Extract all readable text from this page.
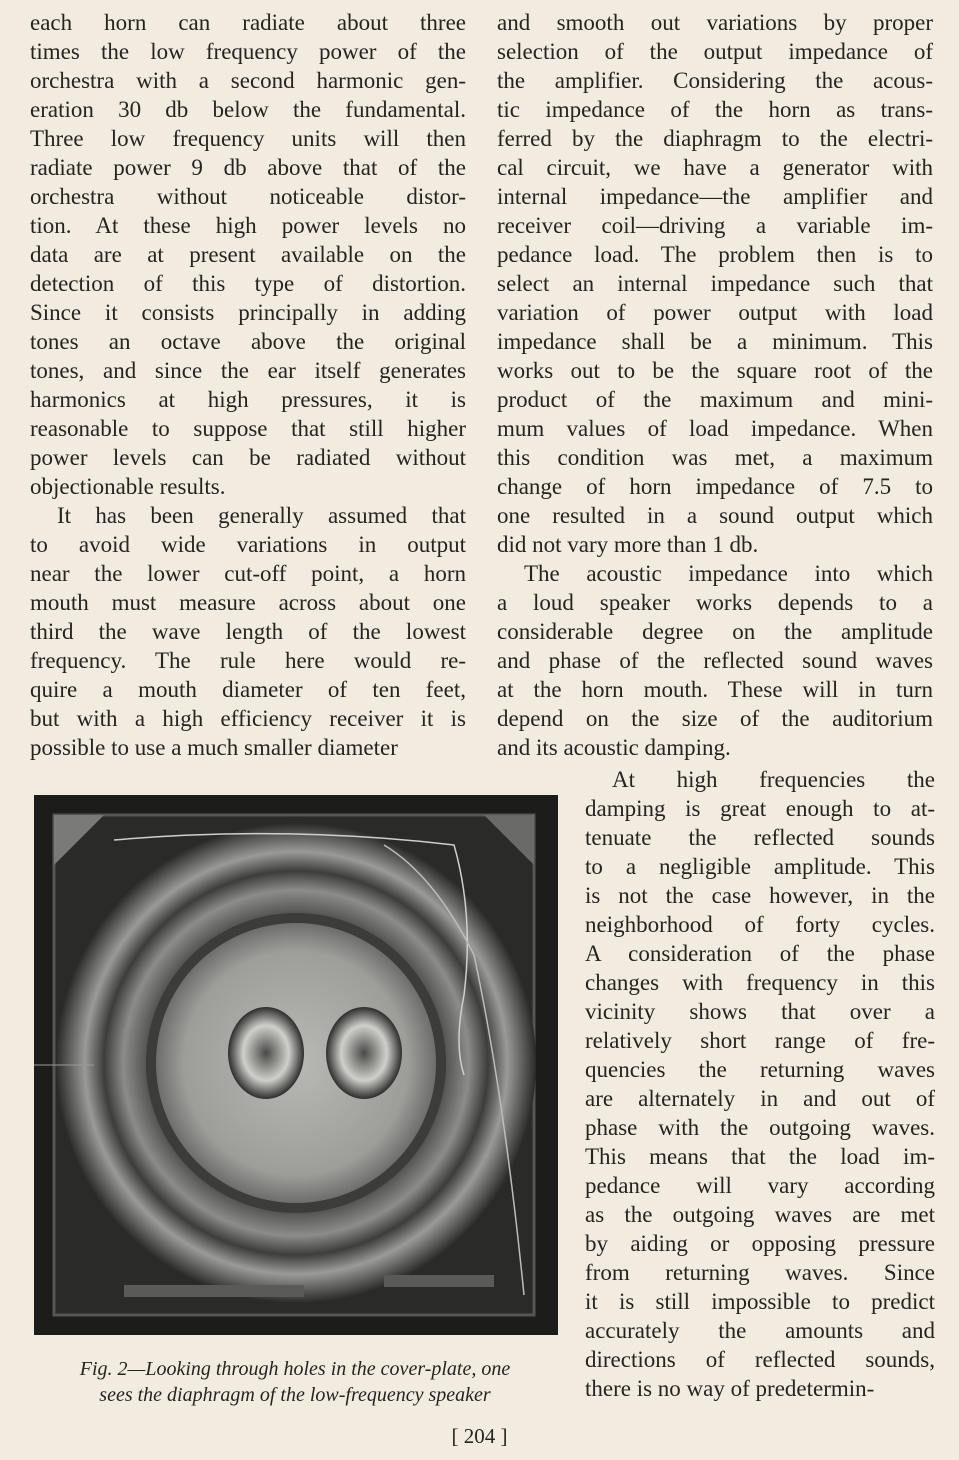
each horn can radiate about three
times the low frequency power of the
orchestra with a second harmonic gen-
eration 30 db below the fundamental.
Three low frequency units will then
radiate power 9 db above that of the
orchestra without noticeable distor-
tion. At these high power levels no
data are at present available on the
detection of this type of distortion.
Since it consists principally in adding
tones an octave above the original
tones, and since the ear itself generates
harmonics at high pressures, it is
reasonable to suppose that still higher
power levels can be radiated without
objectionable results.
It has been generally assumed that
to avoid wide variations in output
near the lower cut-off point, a horn
mouth must measure across about one
third the wave length of the lowest
frequency. The rule here would re-
quire a mouth diameter of ten feet,
but with a high efficiency receiver it is
possible to use a much smaller diameter
and smooth out variations by proper
selection of the output impedance of
the amplifier. Considering the acous-
tic impedance of the horn as trans-
ferred by the diaphragm to the electri-
cal circuit, we have a generator with
internal impedance—the amplifier and
receiver coil—driving a variable im-
pedance load. The problem then is to
select an internal impedance such that
variation of power output with load
impedance shall be a minimum. This
works out to be the square root of the
product of the maximum and mini-
mum values of load impedance. When
this condition was met, a maximum
change of horn impedance of 7.5 to
one resulted in a sound output which
did not vary more than 1 db.
The acoustic impedance into which
a loud speaker works depends to a
considerable degree on the amplitude
and phase of the reflected sound waves
at the horn mouth. These will in turn
depend on the size of the auditorium
and its acoustic damping.
At high frequencies the
damping is great enough to at-
tenuate the reflected sounds
to a negligible amplitude. This
is not the case however, in the
neighborhood of forty cycles.
A consideration of the phase
changes with frequency in this
vicinity shows that over a
relatively short range of fre-
quencies the returning waves
are alternately in and out of
phase with the outgoing waves.
This means that the load im-
pedance will vary according
as the outgoing waves are met
by aiding or opposing pressure
from returning waves. Since
it is still impossible to predict
accurately the amounts and
directions of reflected sounds,
there is no way of predetermin-
Fig. 2—Looking through holes in the cover-plate, one
sees the diaphragm of the low-frequency speaker
[ 204 ]
